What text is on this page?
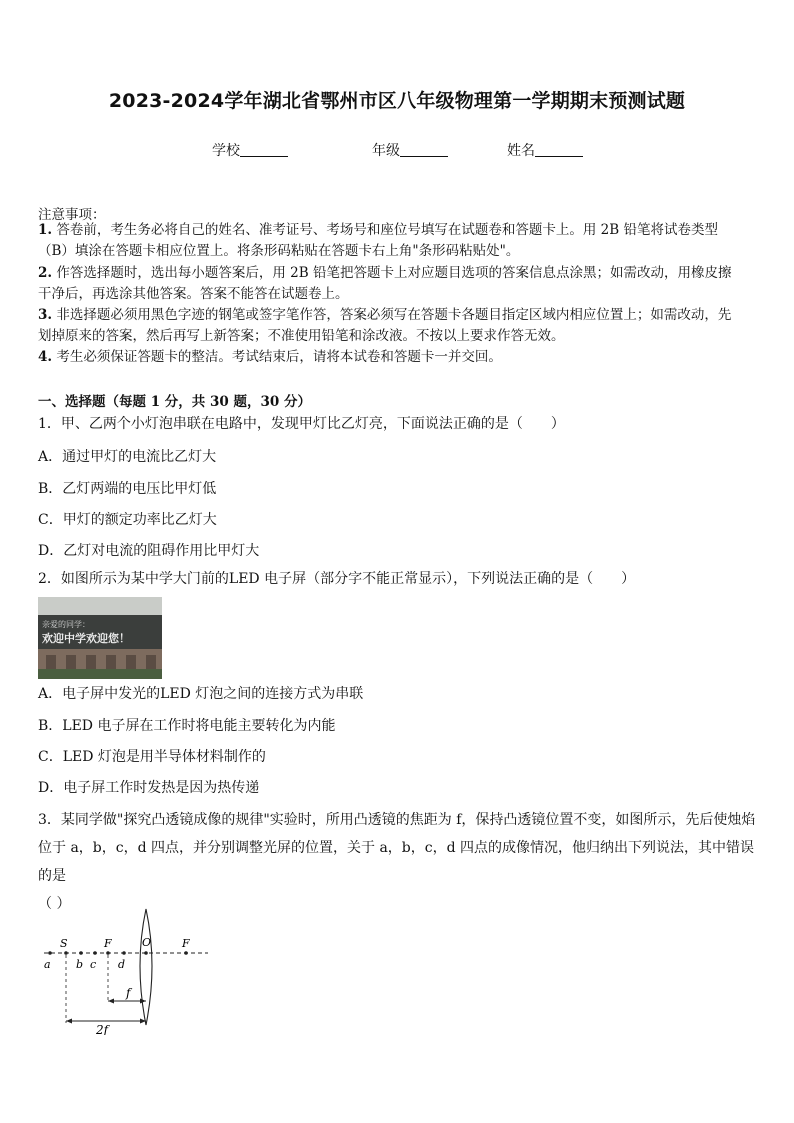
2023-2024学年湖北省鄂州市区八年级物理第一学期期末预测试题
学校	年级	姓名
注意事项：
1. 答卷前，考生务必将自己的姓名、准考证号、考场号和座位号填写在试题卷和答题卡上。用 2B 铅笔将试卷类型
（B）填涂在答题卡相应位置上。将条形码粘贴在答题卡右上角"条形码粘贴处"。
2. 作答选择题时，选出每小题答案后，用 2B 铅笔把答题卡上对应题目选项的答案信息点涂黑；如需改动，用橡皮擦
干净后，再选涂其他答案。答案不能答在试题卷上。
3. 非选择题必须用黑色字迹的钢笔或签字笔作答，答案必须写在答题卡各题目指定区域内相应位置上；如需改动，先
划掉原来的答案，然后再写上新答案；不准使用铅笔和涂改液。不按以上要求作答无效。
4. 考生必须保证答题卡的整洁。考试结束后，请将本试卷和答题卡一并交回。
一、选择题（每题 1 分，共 30 题，30 分）
1．甲、乙两个小灯泡串联在电路中，发现甲灯比乙灯亮，下面说法正确的是（　　）
A．通过甲灯的电流比乙灯大
B．乙灯两端的电压比甲灯低
C．甲灯的额定功率比乙灯大
D．乙灯对电流的阻碍作用比甲灯大
2．如图所示为某中学大门前的LED 电子屏（部分字不能正常显示），下列说法正确的是（　　）
亲爱的同学：
欢迎中学欢迎您！
A．电子屏中发光的LED 灯泡之间的连接方式为串联
B．LED 电子屏在工作时将电能主要转化为内能
C．LED 灯泡是用半导体材料制作的
D．电子屏工作时发热是因为热传递
3．某同学做"探究凸透镜成像的规律"实验时，所用凸透镜的焦距为 f，保持凸透镜位置不变，如图所示，先后使烛焰
位于 a，b，c，d 四点，并分别调整光屏的位置，关于 a，b，c，d 四点的成像情况，他归纳出下列说法，其中错误的是
（ ）
S	F	O	F
a b c d
f
2f
